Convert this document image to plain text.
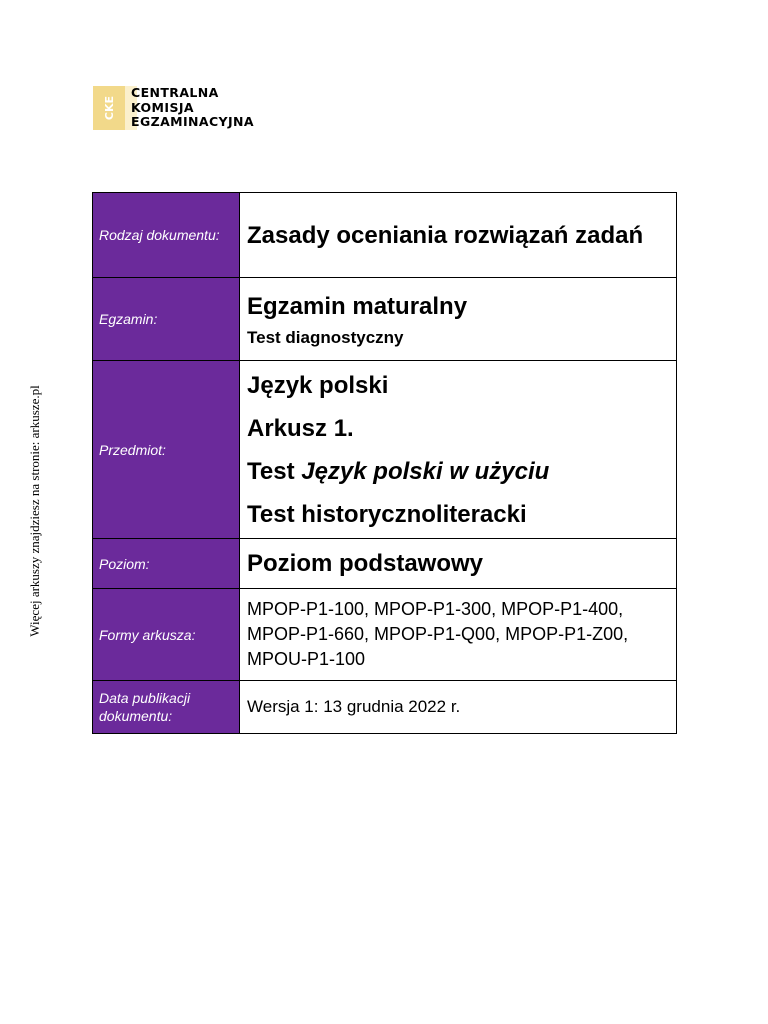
CKE
CENTRALNA
KOMISJA
EGZAMINACYJNA
Więcej arkuszy znajdziesz na stronie: arkusze.pl
Rodzaj dokumentu:	Zasady oceniania rozwiązań zadań

Egzamin:	Egzamin maturalny
Test diagnostyczny

Przedmiot:	Język polski
Arkusz 1.
Test Język polski w użyciu
Test historycznoliteracki

Poziom:	Poziom podstawowy

Formy arkusza:	MPOP-P1-100, MPOP-P1-300, MPOP-P1-400,
MPOP-P1-660, MPOP-P1-Q00, MPOP-P1-Z00,
MPOU-P1-100

Data publikacji dokumentu:	Wersja 1: 13 grudnia 2022 r.
